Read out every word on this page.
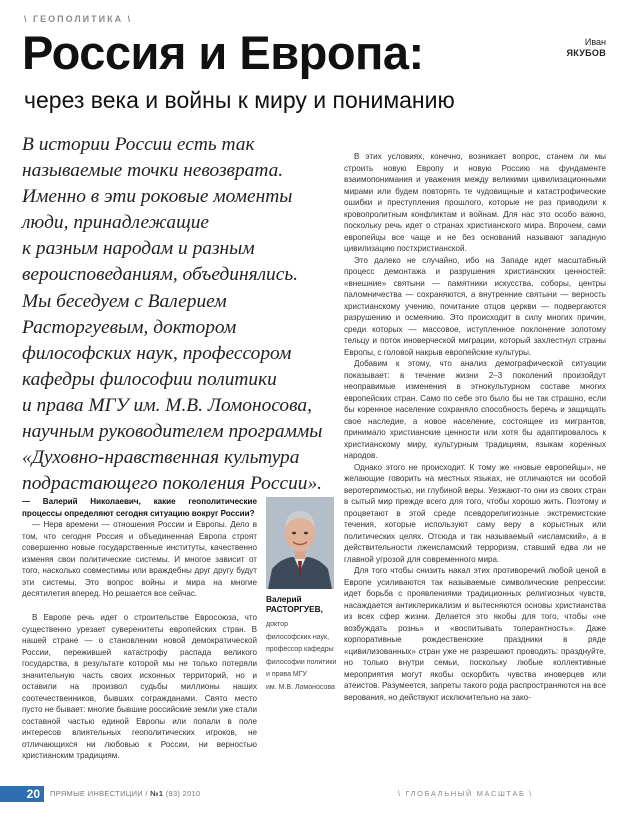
\ ГЕОПОЛИТИКА \
Россия и Европа:
через века и войны к миру и пониманию
Иван
ЯКУБОВ
В истории России есть так
называемые точки невозврата.
Именно в эти роковые моменты
люди, принадлежащие
к разным народам и разным
вероисповеданиям, объединялись.
Мы беседуем с Валерием
Расторгуевым, доктором
философских наук, профессором
кафедры философии политики
и права МГУ им. М.В. Ломоносова,
научным руководителем программы
«Духовно-нравственная культура
подрастающего поколения России».

— Валерий Николаевич, какие геополитические процессы определяют сегодня ситуацию вокруг России?

— Нерв времени — отношения России и Европы. Дело в том, что сегодня Россия и объединенная Европа строят совершенно новые государственные институты, качественно изменяя свои политические системы. И многое зависит от того, насколько совместимы или враждебны друг другу будут эти системы. Это вопрос войны и мира на многие десятилетия вперед. Но решается все сейчас.

В Европе речь идет о строительстве Евросоюза, что существенно урезает суверенитеты европейских стран. В нашей стране — о становлении новой демократической России, пережившей катастрофу распада великого государства, в результате которой мы не только потеряли значительную часть своих исконных территорий, но и оставили на произвол судьбы миллионы наших соотечественников, бывших согражданами. Свято место пусто не бывает: многие бывшие российские земли уже стали составной частью единой Европы или попали в поле интересов влиятельных геополитических игроков, не отличающихся ни любовью к России, ни верностью христианским традициям.

Валерий
РАСТОРГУЕВ,
доктор
философских наук,
профессор кафедры
философии политики
и права МГУ
им. М.В. Ломоносова

В этих условиях, конечно, возникает вопрос, станем ли мы строить новую Европу и новую Россию на фундаменте взаимопонимания и уважения между великими цивилизационными мирами или будем повторять те чудовищные и катастрофические ошибки и преступления прошлого, которые не раз приводили к кровопролитным конфликтам и войнам. Для нас это особо важно, поскольку речь идет о странах христианского мира. Впрочем, сами европейцы все чаще и не без оснований называют западную цивилизацию постхристианской.

Это далеко не случайно, ибо на Западе идет масштабный процесс демонтажа и разрушения христианских ценностей: «внешние» святыни — памятники искусства, соборы, центры паломничества — сохраняются, а внутренние святыни — верность христианскому учению, почитание отцов церкви — подвергаются разрушению и осмеянию. Это происходит в силу многих причин, среди которых — массовое, иступленное поклонение золотому тельцу и поток иноверческой миграции, который захлестнул страны Европы, с головой накрыв европейские культуры.

Добавим к этому, что анализ демографической ситуации показывает: в течение жизни 2–3 поколений произойдут неоправимые изменения в этнокультурном составе многих европейских стран. Само по себе это было бы не так страшно, если бы коренное население сохраняло способность беречь и защищать свое наследие, а новое население, состоящее из мигрантов, принимало христианские ценности или хотя бы адаптировалось к христианскому миру, культурным традициям, языкам коренных народов.

Однако этого не происходит. К тому же «новые европейцы», не желающие говорить на местных языках, не отличаются ни особой веротерпимостью, ни глубиной веры. Уезжают-то они из своих стран в сытый мир прежде всего для того, чтобы хорошо жить. Поэтому и процветают в этой среде псевдорелигиозные экстремистские течения, которые используют саму веру в корыстных или политических целях. Отсюда и так называемый «исламский», а в действительности лжеисламский терроризм, ставший едва ли не главной угрозой для современного мира.

Для того чтобы снизить накал этих противоречий любой ценой в Европе усиливаются так называемые символические репрессии: идет борьба с проявлениями традиционных религиозных чувств, насаждается антиклерикализм и вытесняются основы христианства из всех сфер жизни. Делается это якобы для того, чтобы «не возбуждать рознь» и «воспитывать толерантность». Даже корпоративные рождественские праздники в ряде «цивилизованных» стран уже не разрешают проводить: празднуйте, но только внутри семьи, поскольку любые коллективные мероприятия могут якобы оскорбить чувства иноверцев или атеистов. Разумеется, запреты такого рода распространяются на все верования, но действуют исключительно на зако-

20	ПРЯМЫЕ ИНВЕСТИЦИИ / №1 (93) 2010	\ ГЛОБАЛЬНЫЙ МАСШТАБ \
